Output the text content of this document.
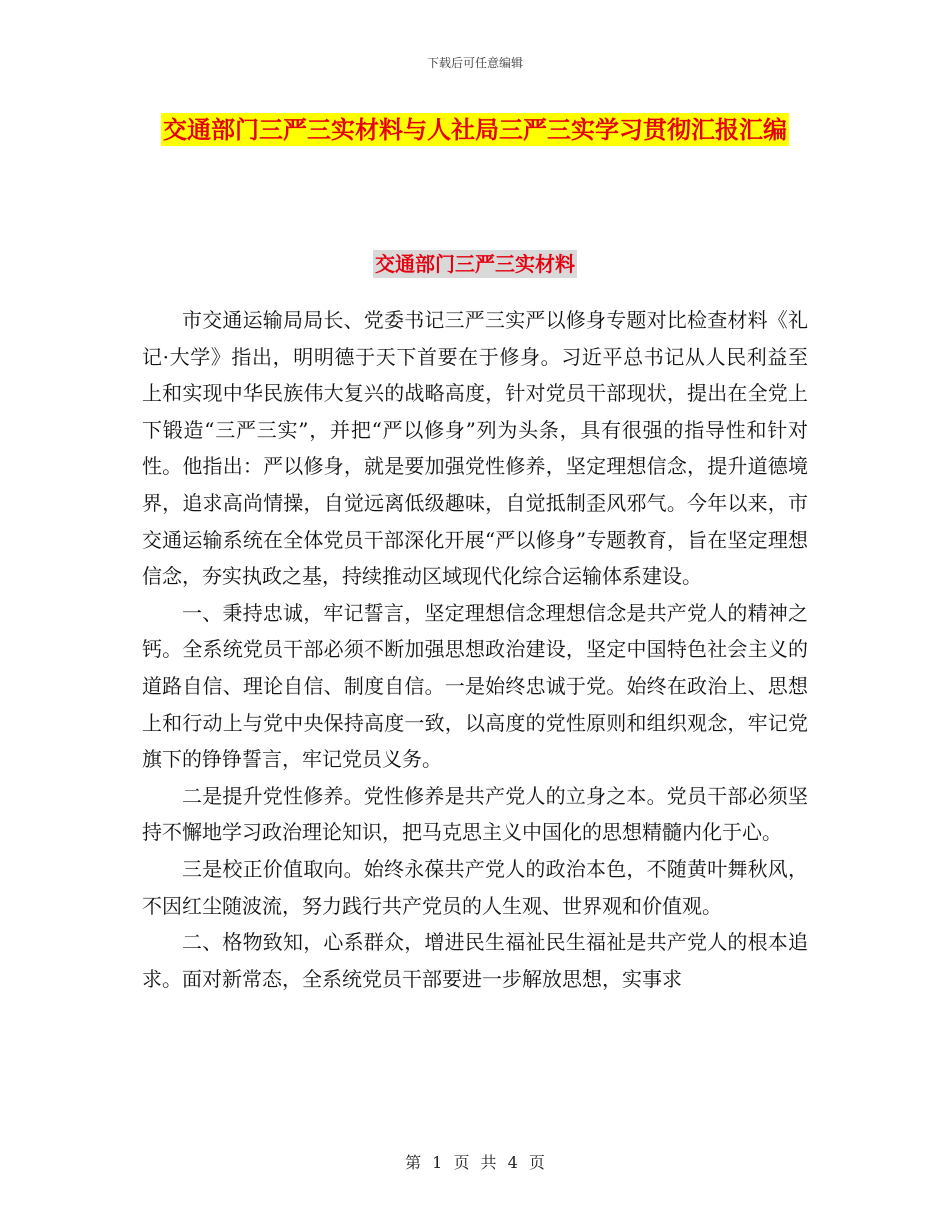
下载后可任意编辑
交通部门三严三实材料与人社局三严三实学习贯彻汇报汇编
交通部门三严三实材料

市交通运输局局长、党委书记三严三实严以修身专题对比检查材料《礼记·大学》指出，明明德于天下首要在于修身。习近平总书记从人民利益至上和实现中华民族伟大复兴的战略高度，针对党员干部现状，提出在全党上下锻造“三严三实”，并把“严以修身”列为头条，具有很强的指导性和针对性。他指出：严以修身，就是要加强党性修养，坚定理想信念，提升道德境界，追求高尚情操，自觉远离低级趣味，自觉抵制歪风邪气。今年以来，市交通运输系统在全体党员干部深化开展“严以修身”专题教育，旨在坚定理想信念，夯实执政之基，持续推动区域现代化综合运输体系建设。

一、秉持忠诚，牢记誓言，坚定理想信念理想信念是共产党人的精神之钙。全系统党员干部必须不断加强思想政治建设，坚定中国特色社会主义的道路自信、理论自信、制度自信。一是始终忠诚于党。始终在政治上、思想上和行动上与党中央保持高度一致，以高度的党性原则和组织观念，牢记党旗下的铮铮誓言，牢记党员义务。

二是提升党性修养。党性修养是共产党人的立身之本。党员干部必须坚持不懈地学习政治理论知识，把马克思主义中国化的思想精髓内化于心。

三是校正价值取向。始终永葆共产党人的政治本色，不随黄叶舞秋风，不因红尘随波流，努力践行共产党员的人生观、世界观和价值观。

二、格物致知，心系群众，增进民生福祉民生福祉是共产党人的根本追求。面对新常态，全系统党员干部要进一步解放思想，实事求

第 1 页 共 4 页
